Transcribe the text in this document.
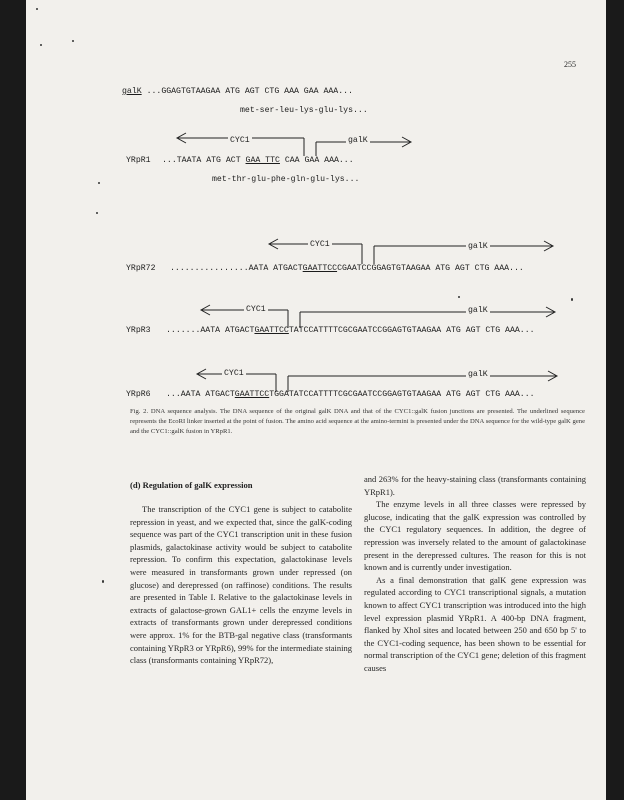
255
galK ...GGAGTGTAAGAA ATG AGT CTG AAA GAA AAA...
met-ser-leu-lys-glu-lys...
CYC1	galK
YRpR1 ...TAATA ATG ACT GAA TTC CAA GAA AAA...
met-thr-glu-phe-gln-glu-lys...
CYC1	galK
YRpR72 ................AATA ATGACTGAATTCCCGAATCCGGAGTGTAAGAA ATG AGT CTG AAA...
CYC1	galK
YRpR3 .......AATA ATGACTGAATTCCTATCCATTTTCGCGAATCCGGAGTGTAAGAA ATG AGT CTG AAA...
CYC1	galK
YRpR6 ...AATA ATGACTGAATTCCTGGATATCCATTTTCGCGAATCCGGAGTGTAAGAA ATG AGT CTG AAA...
Fig. 2. DNA sequence analysis. The DNA sequence of the original galK DNA and that of the CYC1::galK fusion junctions are presented. The underlined sequence represents the EcoRI linker inserted at the point of fusion. The amino acid sequence at the amino-termini is presented under the DNA sequence for the wild-type galK gene and the CYC1::galK fusion in YRpR1.
(d) Regulation of galK expression

The transcription of the CYC1 gene is subject to catabolite repression in yeast, and we expected that, since the galK-coding sequence was part of the CYC1 transcription unit in these fusion plasmids, galactokinase activity would be subject to catabolite repression. To confirm this expectation, galactokinase levels were measured in transformants grown under repressed (on glucose) and derepressed (on raffinose) conditions. The results are presented in Table I. Relative to the galactokinase levels in extracts of galactose-grown GAL1+ cells the enzyme levels in extracts of transformants grown under derepressed conditions were approx. 1% for the BTB-gal negative class (transformants containing YRpR3 or YRpR6), 99% for the intermediate staining class (transformants containing YRpR72),

and 263% for the heavy-staining class (transformants containing YRpR1).

The enzyme levels in all three classes were repressed by glucose, indicating that the galK expression was controlled by the CYC1 regulatory sequences. In addition, the degree of repression was inversely related to the amount of galactokinase present in the derepressed cultures. The reason for this is not known and is currently under investigation.

As a final demonstration that galK gene expression was regulated according to CYC1 transcriptional signals, a mutation known to affect CYC1 transcription was introduced into the high level expression plasmid YRpR1. A 400-bp DNA fragment, flanked by XhoI sites and located between 250 and 650 bp 5' to the CYC1-coding sequence, has been shown to be essential for normal transcription of the CYC1 gene; deletion of this fragment causes
